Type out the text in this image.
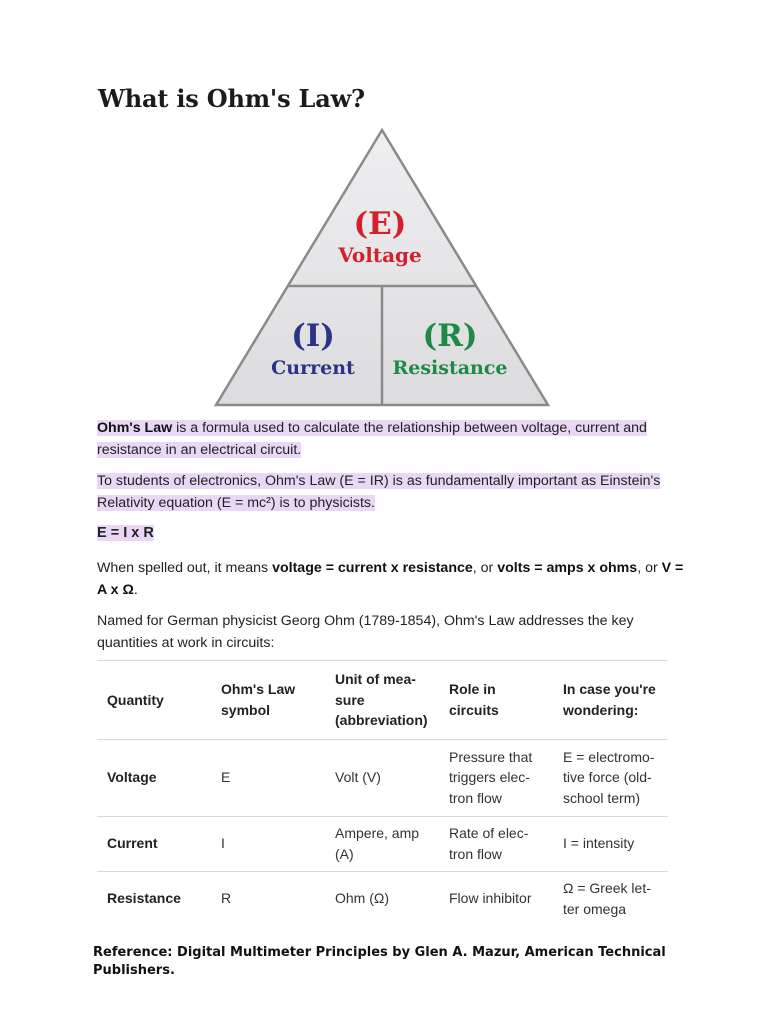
What is Ohm's Law?
(E)
Voltage
(I)
Current
(R)
Resistance

Ohm's Law is a formula used to calculate the relationship between voltage, current and resistance in an electrical circuit.

To students of electronics, Ohm's Law (E = IR) is as fundamentally important as Einstein's Relativity equation (E = mc²) is to physicists.

E = I x R

When spelled out, it means voltage = current x resistance, or volts = amps x ohms, or V = A x Ω.

Named for German physicist Georg Ohm (1789-1854), Ohm's Law addresses the key quantities at work in circuits:

Quantity	Ohm's Law symbol	Unit of mea-sure (abbreviation)	Role in circuits	In case you're wondering:
Voltage	E	Volt (V)	Pressure that triggers elec-tron flow	E = electromo-tive force (old-school term)
Current	I	Ampere, amp (A)	Rate of elec-tron flow	I = intensity
Resistance	R	Ohm (Ω)	Flow inhibitor	Ω = Greek let-ter omega

Reference: Digital Multimeter Principles by Glen A. Mazur, American Technical Publishers.
